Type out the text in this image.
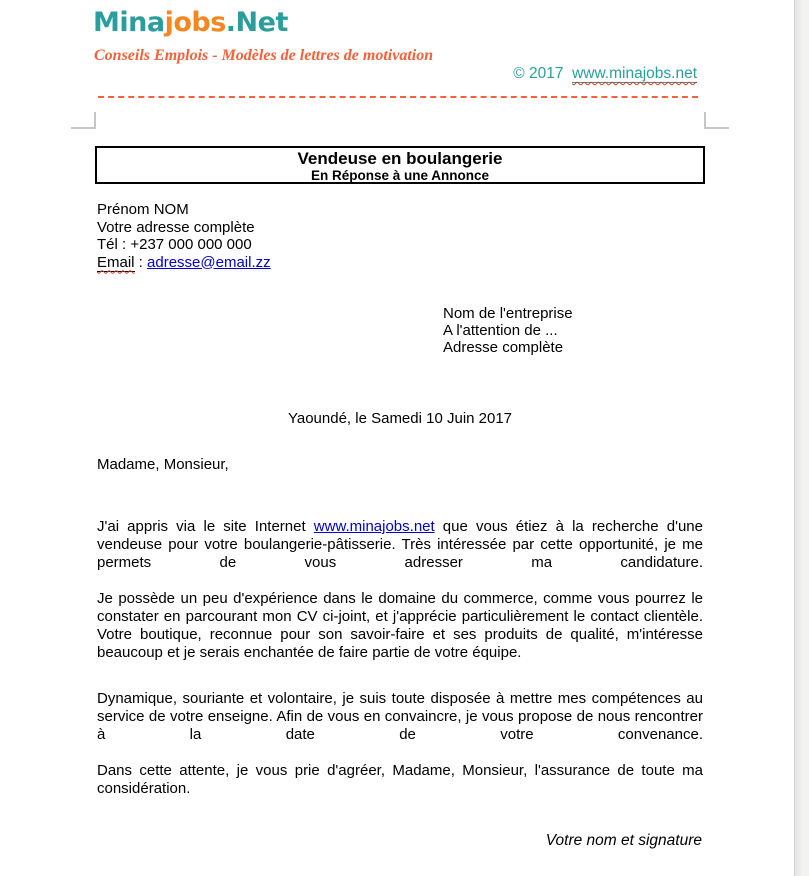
Minajobs.Net
Conseils Emplois - Modèles de lettres de motivation
© 2017 www.minajobs.net
Vendeuse en boulangerie
En Réponse à une Annonce
Prénom NOM
Votre adresse complète
Tél : +237 000 000 000
Email : adresse@email.zz
Nom de l'entreprise
A l'attention de ...
Adresse complète
Yaoundé, le Samedi 10 Juin 2017
Madame, Monsieur,
J'ai appris via le site Internet www.minajobs.net que vous étiez à la recherche d'une vendeuse pour votre boulangerie-pâtisserie. Très intéressée par cette opportunité, je me permets de vous adresser ma candidature.
Je possède un peu d'expérience dans le domaine du commerce, comme vous pourrez le constater en parcourant mon CV ci-joint, et j'apprécie particulièrement le contact clientèle. Votre boutique, reconnue pour son savoir-faire et ses produits de qualité, m'intéresse beaucoup et je serais enchantée de faire partie de votre équipe.
Dynamique, souriante et volontaire, je suis toute disposée à mettre mes compétences au service de votre enseigne. Afin de vous en convaincre, je vous propose de nous rencontrer à la date de votre convenance.
Dans cette attente, je vous prie d'agréer, Madame, Monsieur, l'assurance de toute ma considération.
Votre nom et signature
